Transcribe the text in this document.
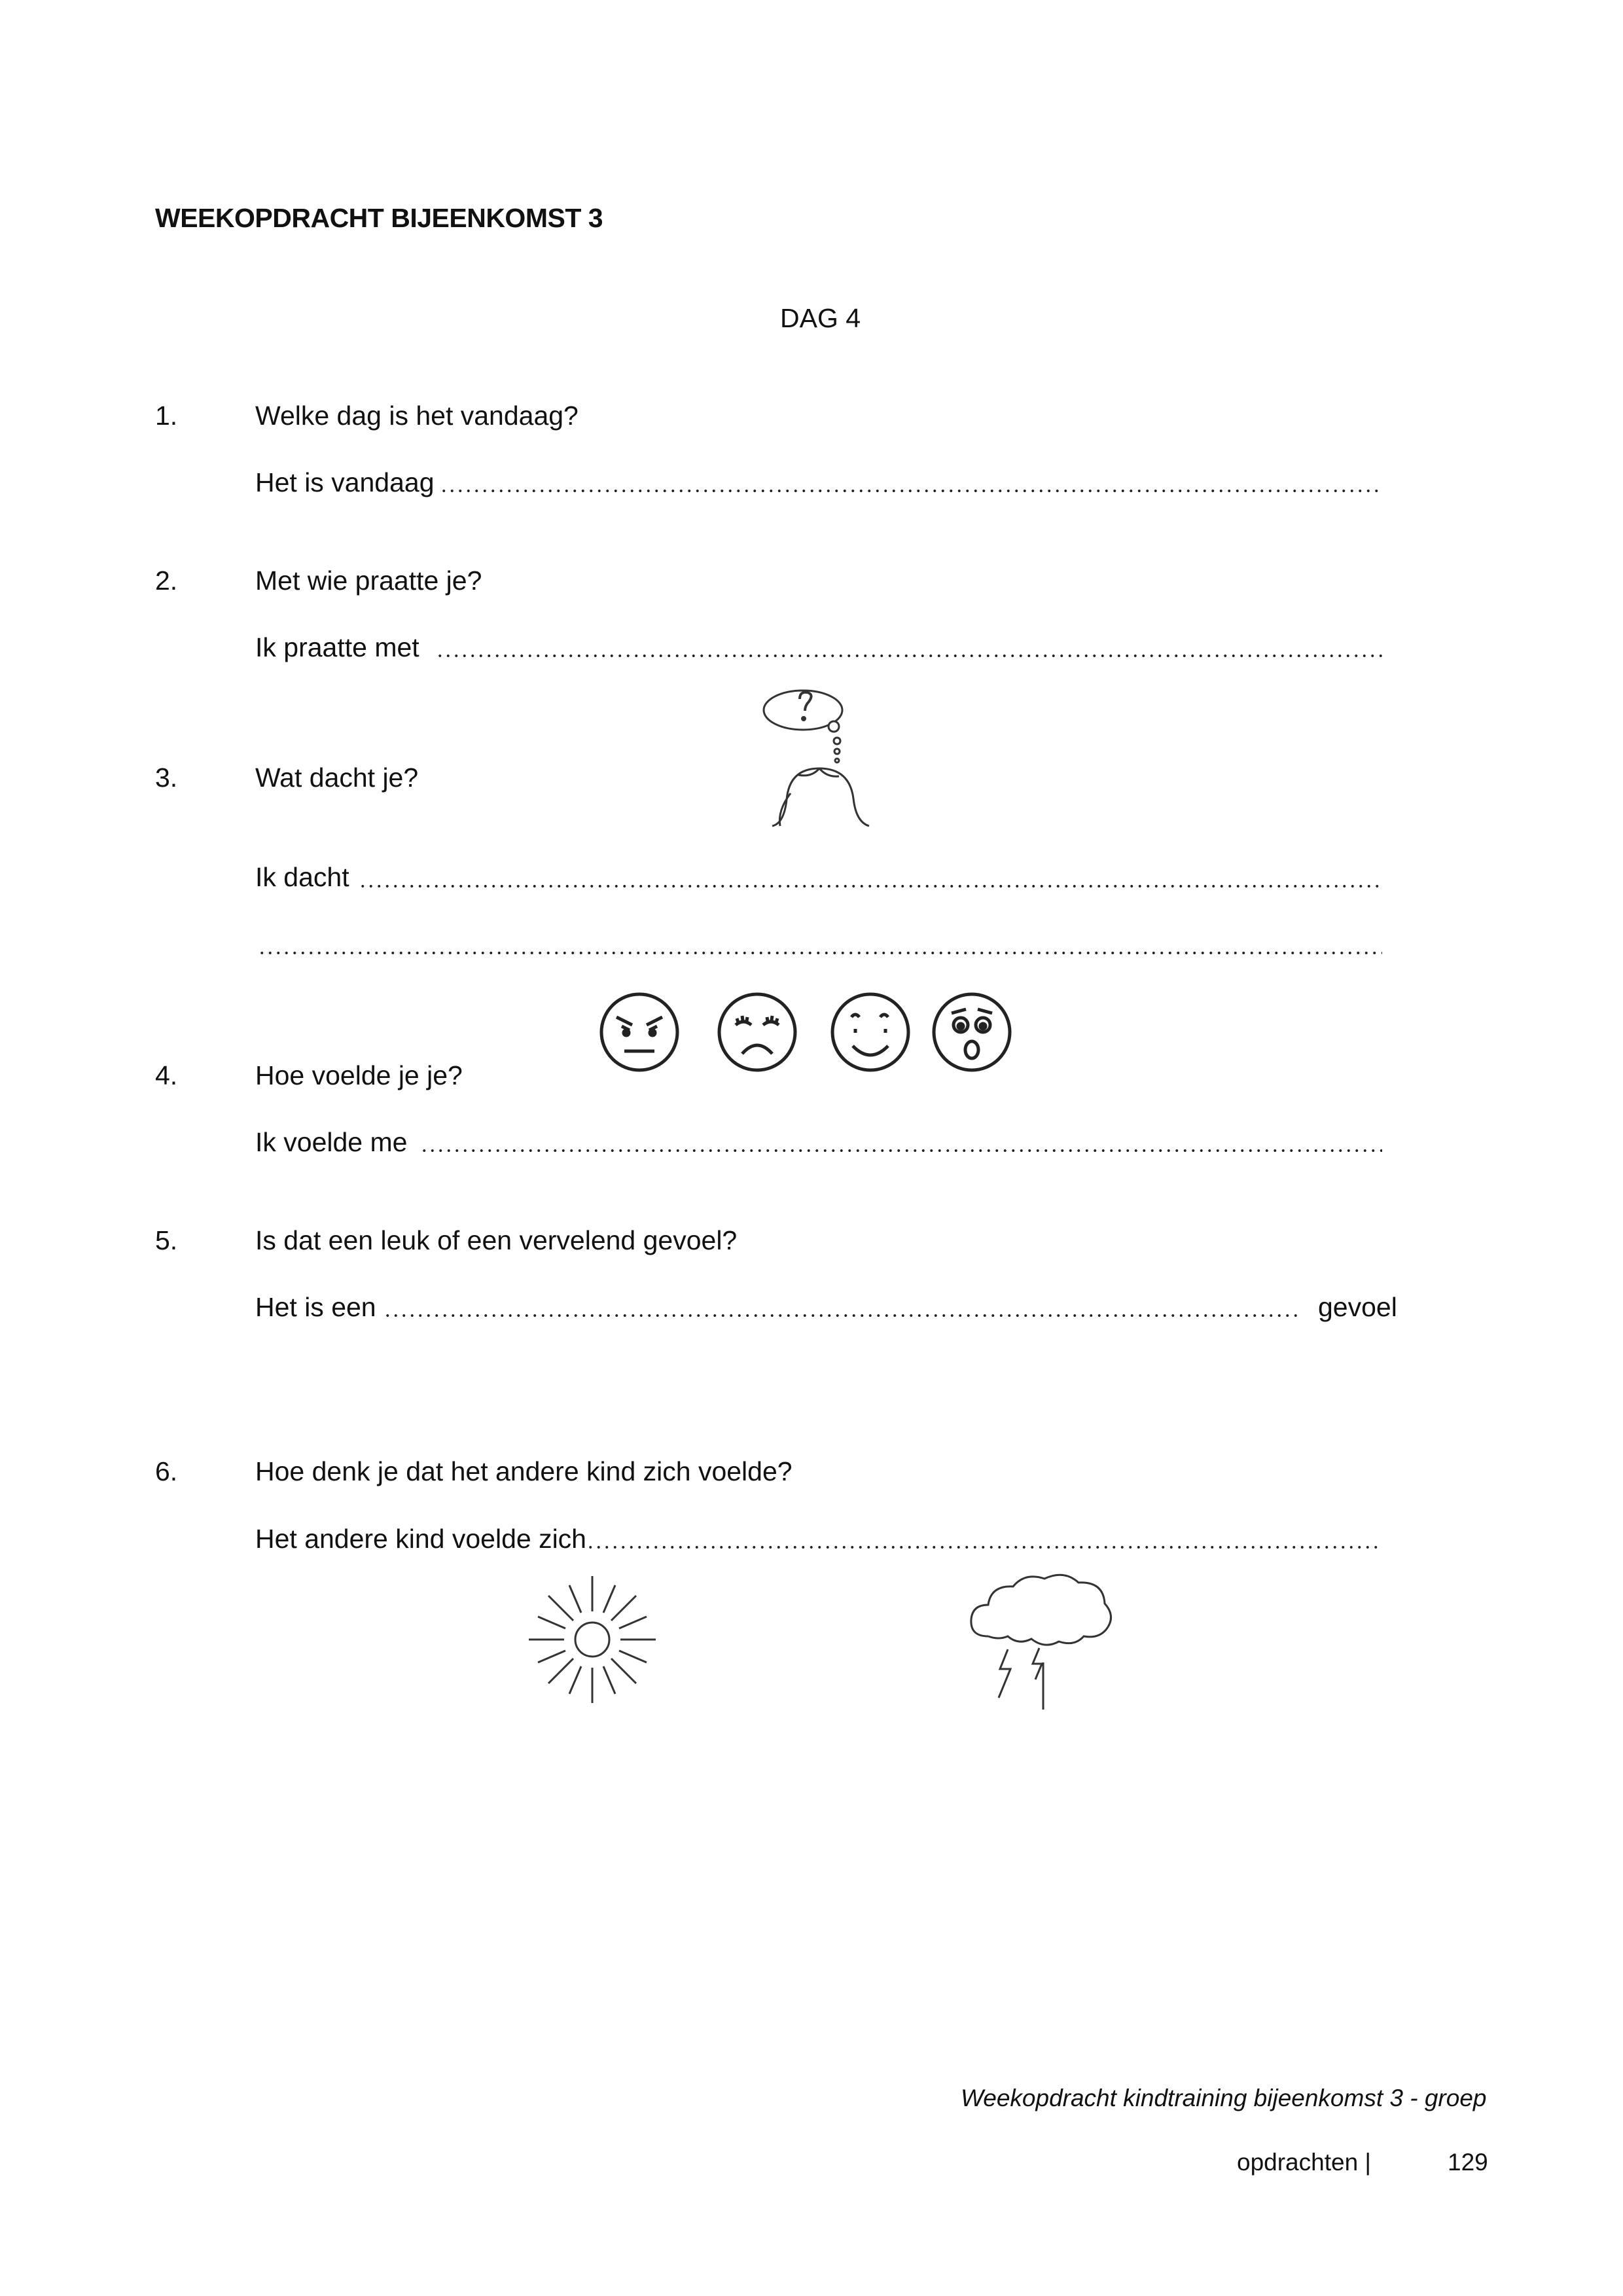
WEEKOPDRACHT BIJEENKOMST 3
DAG 4
1.	Welke dag is het vandaag?
Het is vandaag
2.	Met wie praatte je?
Ik praatte met
3.	Wat dacht je?
Ik dacht
4.	Hoe voelde je je?
Ik voelde me
5.	Is dat een leuk of een vervelend gevoel?
Het is een	gevoel
6.	Hoe denk je dat het andere kind zich voelde?
Het andere kind voelde zich
Weekopdracht kindtraining bijeenkomst 3 - groep
opdrachten |	129
